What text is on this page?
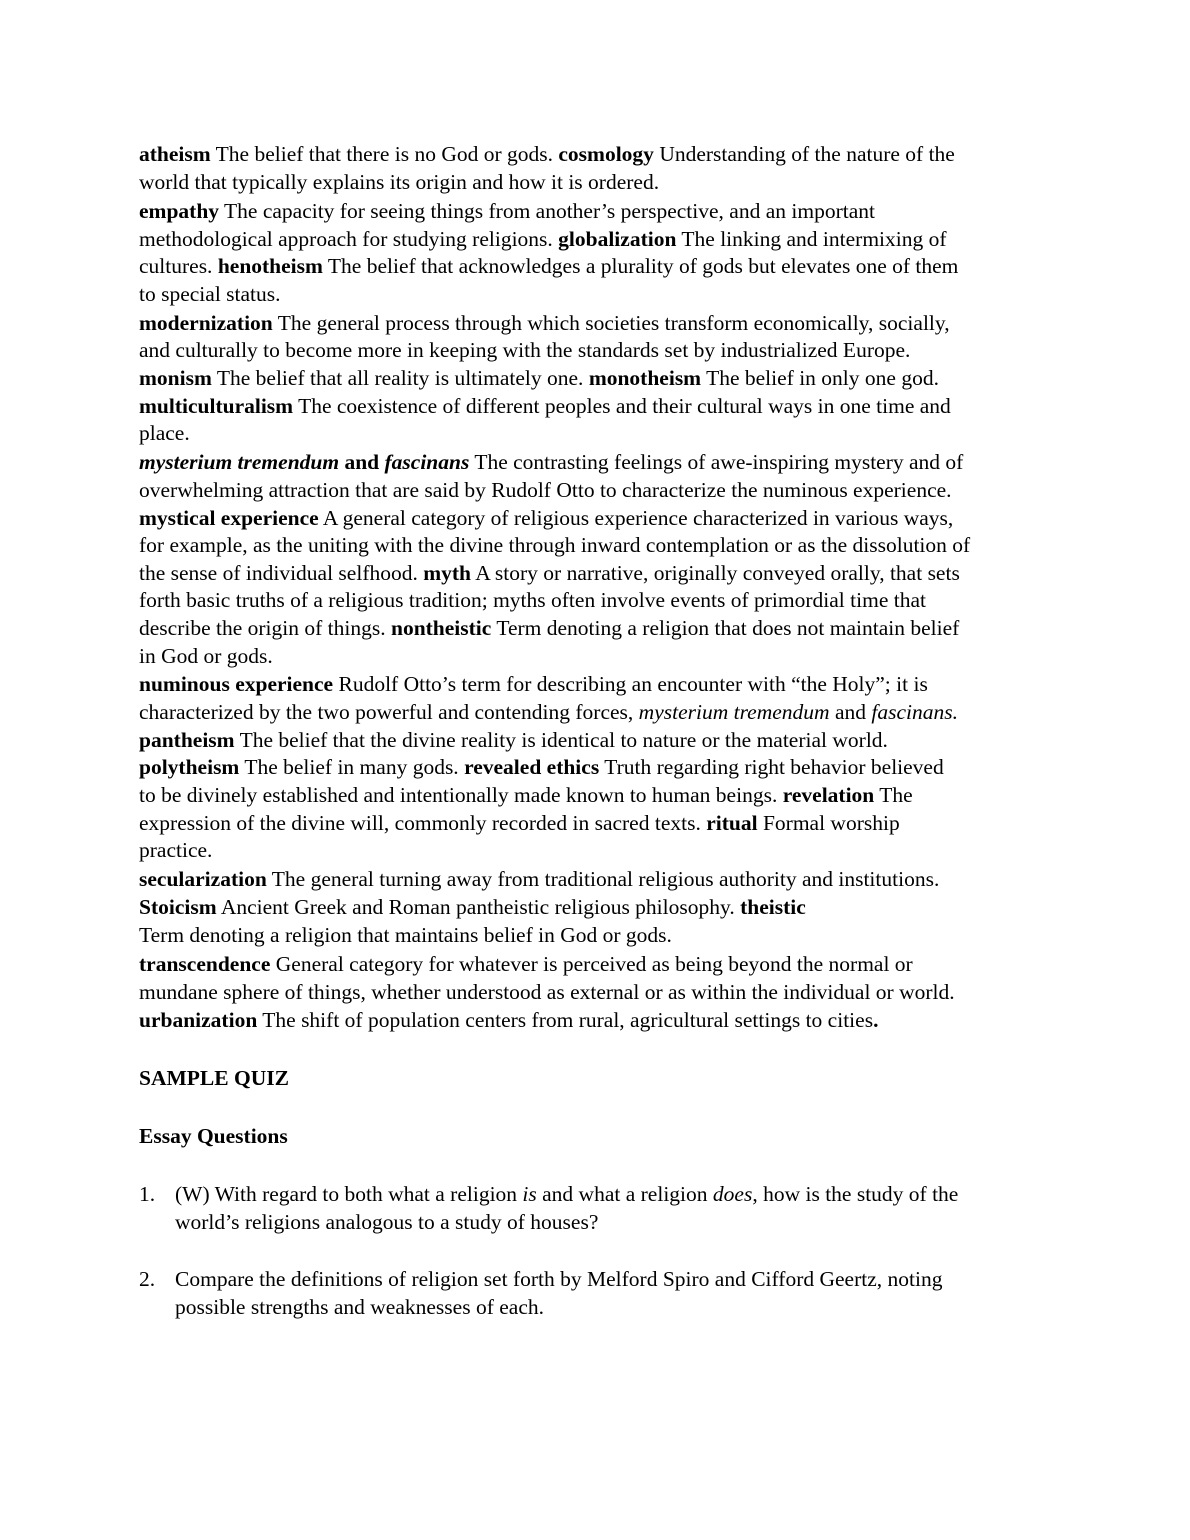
atheism The belief that there is no God or gods. cosmology Understanding of the nature of the
world that typically explains its origin and how it is ordered.
empathy The capacity for seeing things from another’s perspective, and an important
methodological approach for studying religions. globalization The linking and intermixing of
cultures. henotheism The belief that acknowledges a plurality of gods but elevates one of them
to special status.
modernization The general process through which societies transform economically, socially,
and culturally to become more in keeping with the standards set by industrialized Europe.
monism The belief that all reality is ultimately one. monotheism The belief in only one god.
multiculturalism The coexistence of different peoples and their cultural ways in one time and
place.
mysterium tremendum and fascinans The contrasting feelings of awe-inspiring mystery and of
overwhelming attraction that are said by Rudolf Otto to characterize the numinous experience.
mystical experience A general category of religious experience characterized in various ways,
for example, as the uniting with the divine through inward contemplation or as the dissolution of
the sense of individual selfhood. myth A story or narrative, originally conveyed orally, that sets
forth basic truths of a religious tradition; myths often involve events of primordial time that
describe the origin of things. nontheistic Term denoting a religion that does not maintain belief
in God or gods.
numinous experience Rudolf Otto’s term for describing an encounter with “the Holy”; it is
characterized by the two powerful and contending forces, mysterium tremendum and fascinans.
pantheism The belief that the divine reality is identical to nature or the material world.
polytheism The belief in many gods. revealed ethics Truth regarding right behavior believed
to be divinely established and intentionally made known to human beings. revelation The
expression of the divine will, commonly recorded in sacred texts. ritual Formal worship
practice.
secularization The general turning away from traditional religious authority and institutions.
Stoicism Ancient Greek and Roman pantheistic religious philosophy. theistic
Term denoting a religion that maintains belief in God or gods.
transcendence General category for whatever is perceived as being beyond the normal or
mundane sphere of things, whether understood as external or as within the individual or world.
urbanization The shift of population centers from rural, agricultural settings to cities.
SAMPLE QUIZ
Essay Questions
1. (W) With regard to both what a religion is and what a religion does, how is the study of the
world’s religions analogous to a study of houses?
2. Compare the definitions of religion set forth by Melford Spiro and Cifford Geertz, noting
possible strengths and weaknesses of each.
